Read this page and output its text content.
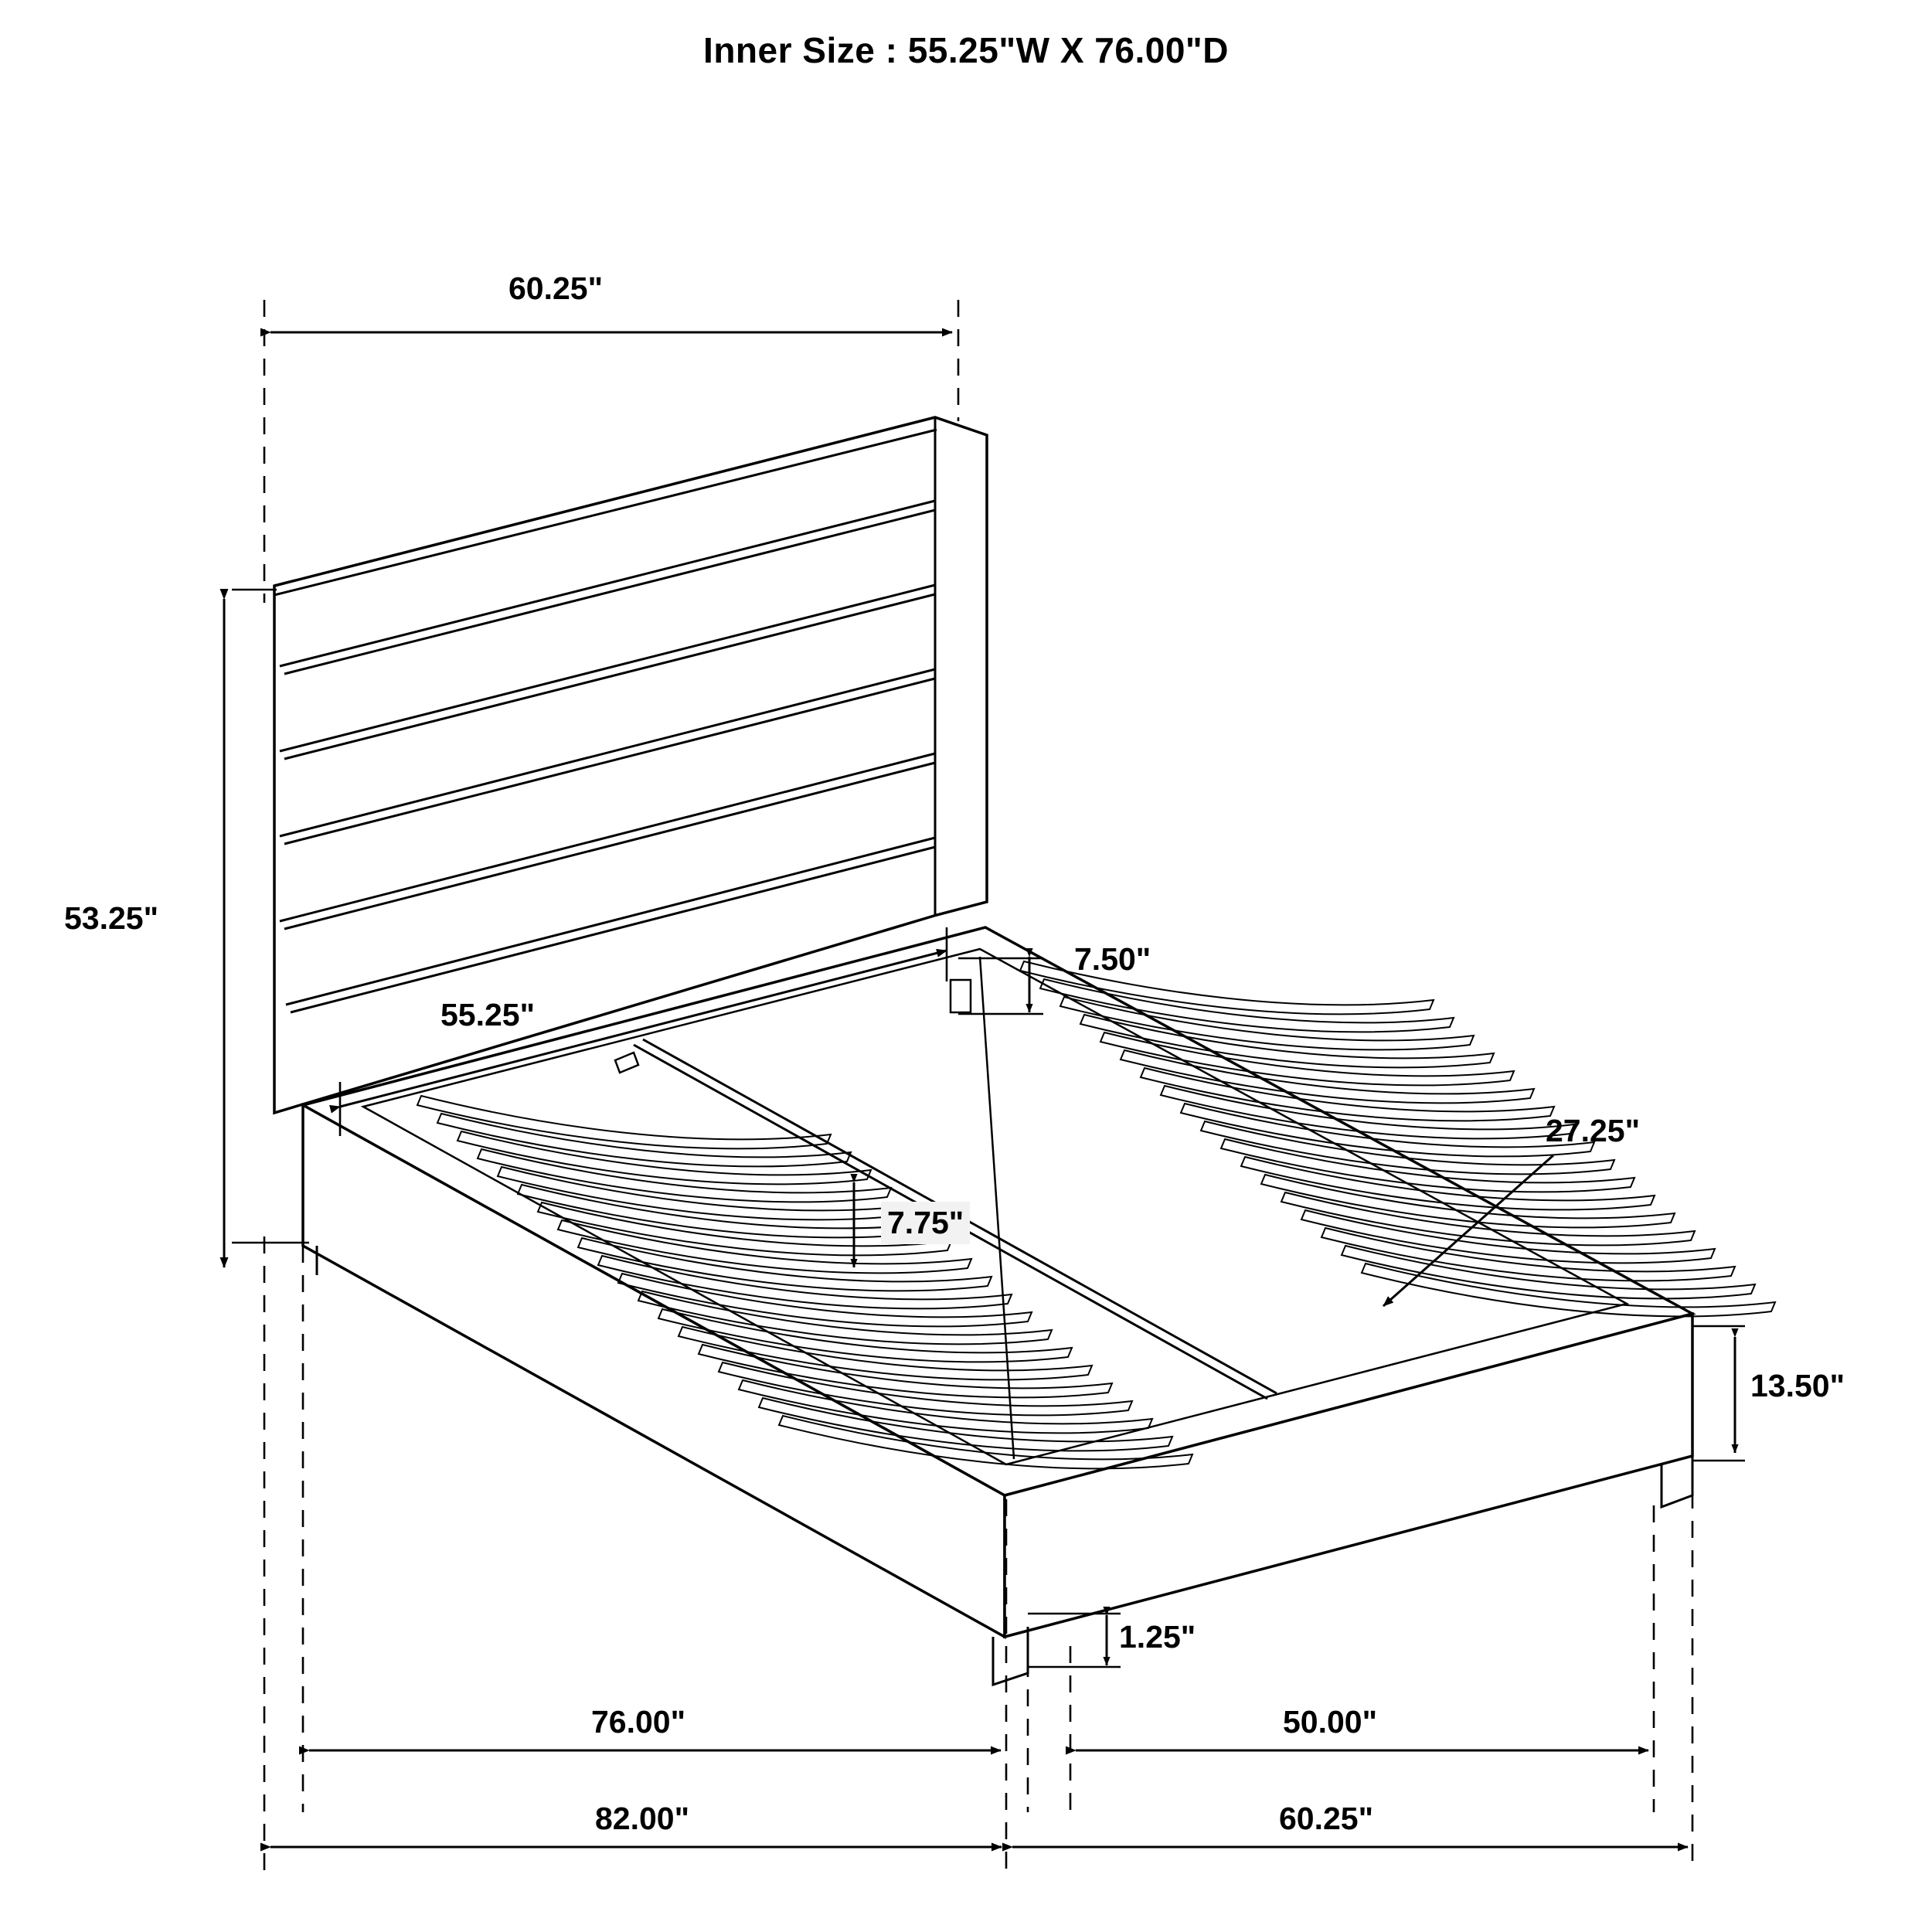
Inner Size : 55.25"W X 76.00"D
60.25"
53.25"
55.25"
7.50"
7.75"
27.25"
13.50"
1.25"
76.00"	50.00"
82.00"	60.25"
